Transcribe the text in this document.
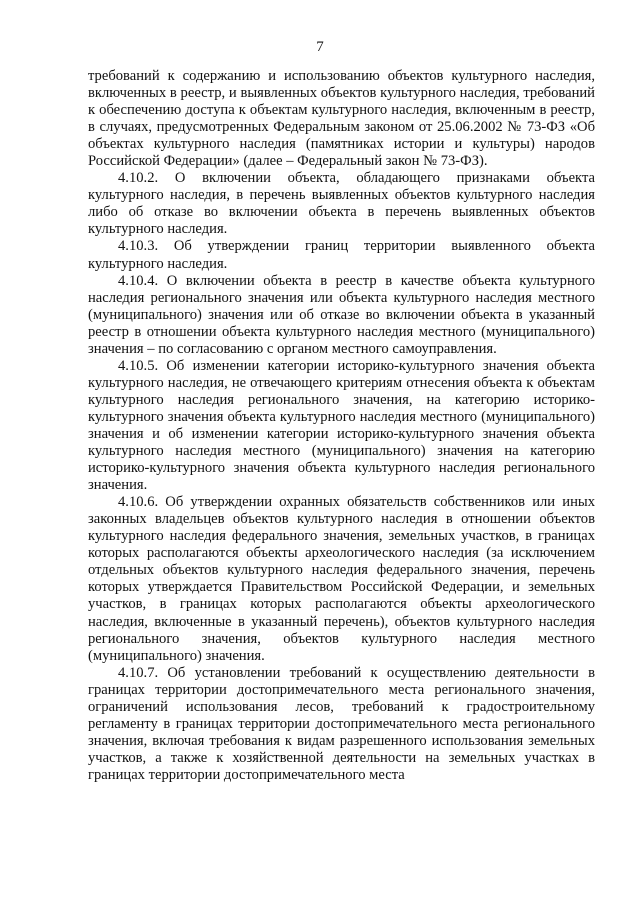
7

требований к содержанию и использованию объектов культурного наследия, включенных в реестр, и выявленных объектов культурного наследия, требований к обеспечению доступа к объектам культурного наследия, включенным в реестр, в случаях, предусмотренных Федеральным законом от 25.06.2002 № 73-ФЗ «Об объектах культурного наследия (памятниках истории и культуры) народов Российской Федерации» (далее – Федеральный закон № 73-ФЗ).

4.10.2. О включении объекта, обладающего признаками объекта культурного наследия, в перечень выявленных объектов культурного наследия либо об отказе во включении объекта в перечень выявленных объектов культурного наследия.

4.10.3. Об утверждении границ территории выявленного объекта культурного наследия.

4.10.4. О включении объекта в реестр в качестве объекта культурного наследия регионального значения или объекта культурного наследия местного (муниципального) значения или об отказе во включении объекта в указанный реестр в отношении объекта культурного наследия местного (муниципального) значения – по согласованию с органом местного самоуправления.

4.10.5. Об изменении категории историко-культурного значения объекта культурного наследия, не отвечающего критериям отнесения объекта к объектам культурного наследия регионального значения, на категорию историко-культурного значения объекта культурного наследия местного (муниципального) значения и об изменении категории историко-культурного значения объекта культурного наследия местного (муниципального) значения на категорию историко-культурного значения объекта культурного наследия регионального значения.

4.10.6. Об утверждении охранных обязательств собственников или иных законных владельцев объектов культурного наследия в отношении объектов культурного наследия федерального значения, земельных участков, в границах которых располагаются объекты археологического наследия (за исключением отдельных объектов культурного наследия федерального значения, перечень которых утверждается Правительством Российской Федерации, и земельных участков, в границах которых располагаются объекты археологического наследия, включенные в указанный перечень), объектов культурного наследия регионального значения, объектов культурного наследия местного (муниципального) значения.

4.10.7. Об установлении требований к осуществлению деятельности в границах территории достопримечательного места регионального значения, ограничений использования лесов, требований к градостроительному регламенту в границах территории достопримечательного места регионального значения, включая требования к видам разрешенного использования земельных участков, а также к хозяйственной деятельности на земельных участках в границах территории достопримечательного места
